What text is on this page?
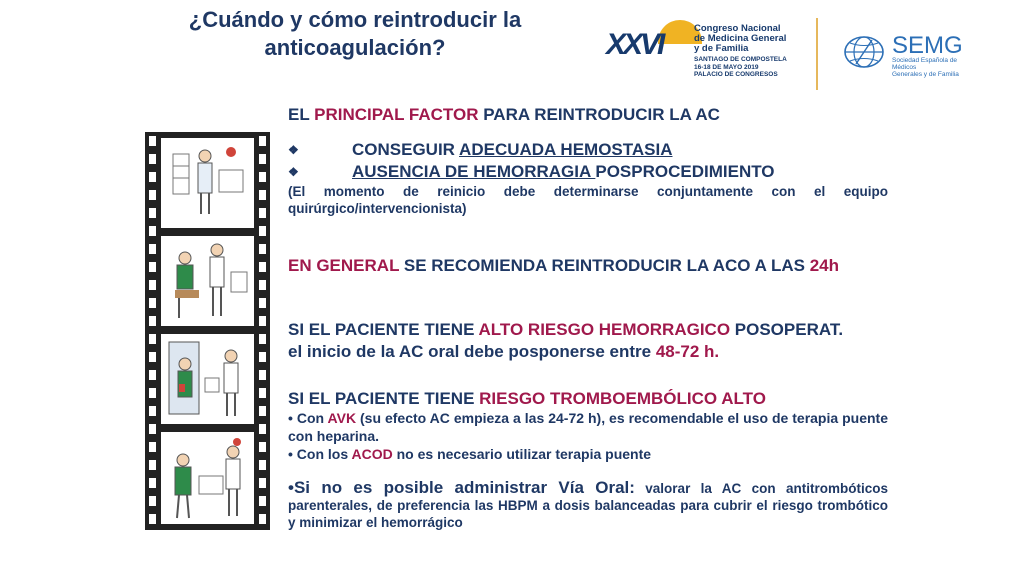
¿Cuándo y cómo reintroducir la anticoagulación?	XXVI	Congreso Nacional
de Medicina General
y de Familia
SANTIAGO DE COMPOSTELA
16-18 DE MAYO 2019
PALACIO DE CONGRESOS
SEMG
Sociedad Española de Médicos
Generales y de Familia
EL PRINCIPAL FACTOR PARA REINTRODUCIR LA AC
❖	CONSEGUIR ADECUADA HEMOSTASIA
❖	AUSENCIA DE HEMORRAGIA POSPROCEDIMIENTO
(El momento de reinicio debe determinarse conjuntamente con el equipo quirúrgico/intervencionista)
EN GENERAL SE RECOMIENDA REINTRODUCIR LA ACO A LAS 24h
SI EL PACIENTE TIENE ALTO RIESGO HEMORRAGICO POSOPERAT.
el inicio de la AC oral debe posponerse entre 48-72 h.
SI EL PACIENTE TIENE RIESGO TROMBOEMBÓLICO ALTO
• Con AVK (su efecto AC empieza a las 24-72 h), es recomendable el uso de terapia puente con heparina.
• Con los ACOD no es necesario utilizar terapia puente
•Si no es posible administrar Vía Oral: valorar la AC con antitrombóticos parenterales, de preferencia las HBPM a dosis balanceadas para cubrir el riesgo trombótico y minimizar el hemorrágico
